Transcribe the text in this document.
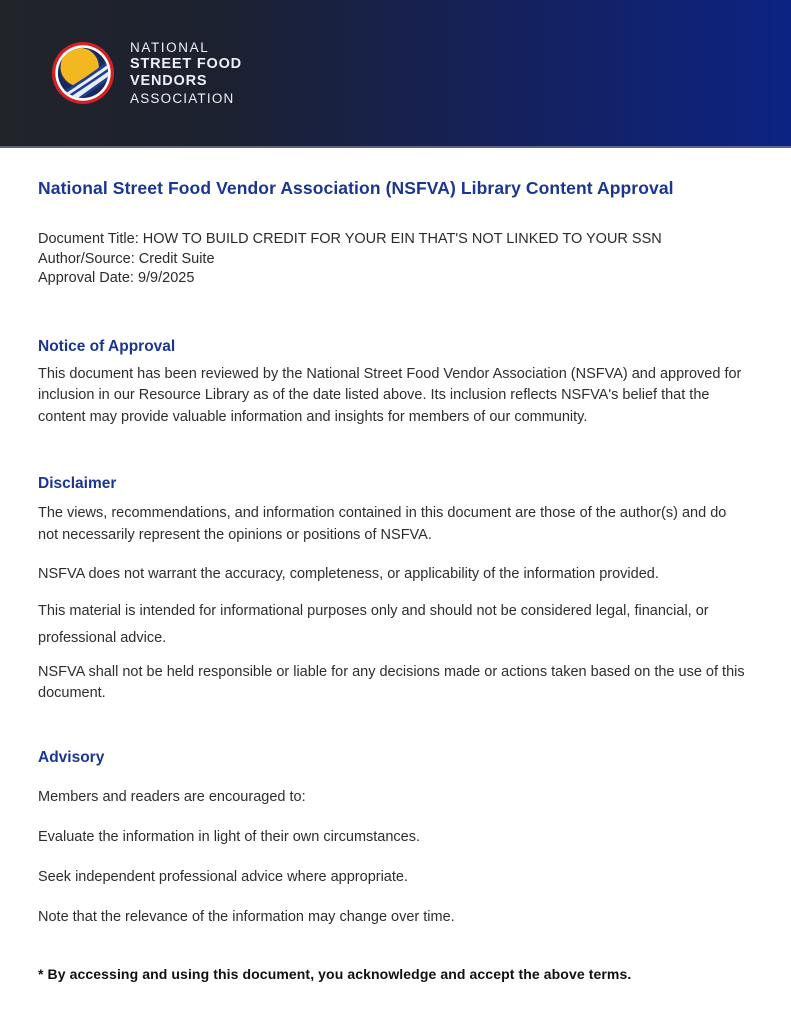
NATIONAL
STREET FOOD
VENDORS
ASSOCIATION
National Street Food Vendor Association (NSFVA) Library Content Approval

Document Title: HOW TO BUILD CREDIT FOR YOUR EIN THAT'S NOT LINKED TO YOUR SSN

Author/Source: Credit Suite

Approval Date: 9/9/2025

Notice of Approval

This document has been reviewed by the National Street Food Vendor Association (NSFVA) and approved for inclusion in our Resource Library as of the date listed above. Its inclusion reflects NSFVA's belief that the content may provide valuable information and insights for members of our community.

Disclaimer

The views, recommendations, and information contained in this document are those of the author(s) and do not necessarily represent the opinions or positions of NSFVA.

NSFVA does not warrant the accuracy, completeness, or applicability of the information provided.

This material is intended for informational purposes only and should not be considered legal, financial, or professional advice.

NSFVA shall not be held responsible or liable for any decisions made or actions taken based on the use of this document.

Advisory

Members and readers are encouraged to:

Evaluate the information in light of their own circumstances.

Seek independent professional advice where appropriate.

Note that the relevance of the information may change over time.

* By accessing and using this document, you acknowledge and accept the above terms.
